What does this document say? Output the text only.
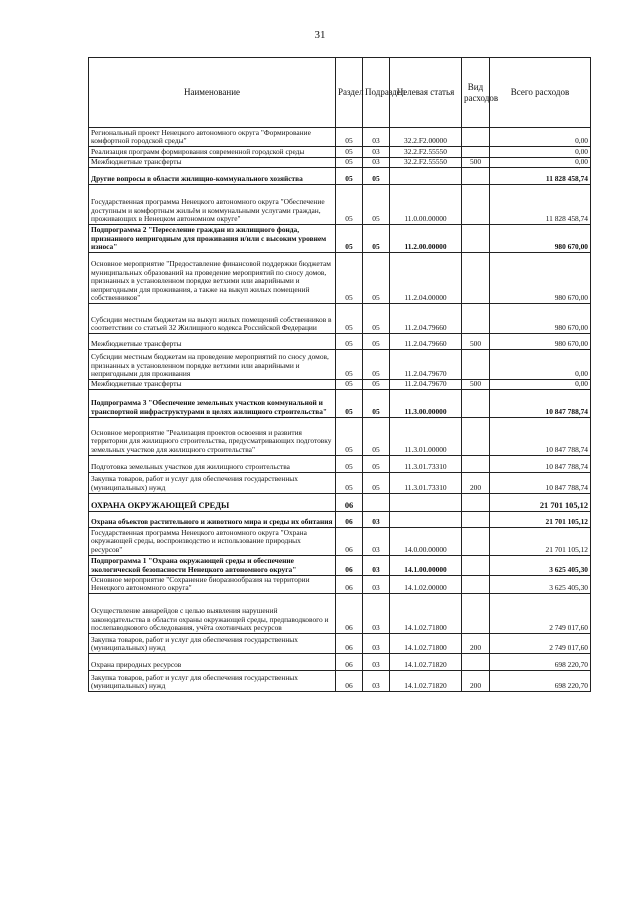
31
Наименование	Раздел	Подраздел	Целевая статья	Вид расходов	Всего расходов
Региональный проект Ненецкого автономного округа "Формирование комфортной городской среды"	05	03	32.2.F2.00000		0,00
Реализация программ формирования современной городской среды	05	03	32.2.F2.55550		0,00
Межбюджетные трансферты	05	03	32.2.F2.55550	500	0,00
Другие вопросы в области жилищно-коммунального хозяйства	05	05			11 828 458,74
Государственная программа Ненецкого автономного округа "Обеспечение доступным и комфортным жильём и коммунальными услугами граждан, проживающих в Ненецком автономном округе"	05	05	11.0.00.00000		11 828 458,74
Подпрограмма 2 "Переселение граждан из жилищного фонда, признанного непригодным для проживания и/или с высоким уровнем износа"	05	05	11.2.00.00000		980 670,00
Основное мероприятие "Предоставление финансовой поддержки бюджетам муниципальных образований на проведение мероприятий по сносу домов, признанных в установленном порядке ветхими или аварийными и непригодными для проживания, а также на выкуп жилых помещений собственников"	05	05	11.2.04.00000		980 670,00
Субсидии местным бюджетам на выкуп жилых помещений собственников в соответствии со статьей 32 Жилищного кодекса Российской Федерации	05	05	11.2.04.79660		980 670,00
Межбюджетные трансферты	05	05	11.2.04.79660	500	980 670,00
Субсидии местным бюджетам на проведение мероприятий по сносу домов, признанных в установленном порядке ветхими или аварийными и непригодными для проживания	05	05	11.2.04.79670		0,00
Межбюджетные трансферты	05	05	11.2.04.79670	500	0,00
Подпрограмма 3 "Обеспечение земельных участков коммунальной и транспортной инфраструктурами в целях жилищного строительства"	05	05	11.3.00.00000		10 847 788,74
Основное мероприятие "Реализация проектов освоения и развития территории для жилищного строительства, предусматривающих подготовку земельных участков для жилищного строительства"	05	05	11.3.01.00000		10 847 788,74
Подготовка земельных участков для жилищного строительства	05	05	11.3.01.73310		10 847 788,74
Закупка товаров, работ и услуг для обеспечения государственных (муниципальных) нужд	05	05	11.3.01.73310	200	10 847 788,74
ОХРАНА ОКРУЖАЮЩЕЙ СРЕДЫ	06				21 701 105,12
Охрана объектов растительного и животного мира и среды их обитания	06	03			21 701 105,12
Государственная программа Ненецкого автономного округа "Охрана окружающей среды, воспроизводство и использование природных ресурсов"	06	03	14.0.00.00000		21 701 105,12
Подпрограмма 1 "Охрана окружающей среды и обеспечение экологической безопасности Ненецкого автономного округа"	06	03	14.1.00.00000		3 625 405,30
Основное мероприятие "Сохранение биоразнообразия на территории Ненецкого автономного округа"	06	03	14.1.02.00000		3 625 405,30
Осуществление авиарейдов с целью выявления нарушений законодательства в области охраны окружающей среды, предпаводкового и послепаводкового обследования, учёта охотничьих ресурсов	06	03	14.1.02.71800		2 749 017,60
Закупка товаров, работ и услуг для обеспечения государственных (муниципальных) нужд	06	03	14.1.02.71800	200	2 749 017,60
Охрана природных ресурсов	06	03	14.1.02.71820		698 220,70
Закупка товаров, работ и услуг для обеспечения государственных (муниципальных) нужд	06	03	14.1.02.71820	200	698 220,70
